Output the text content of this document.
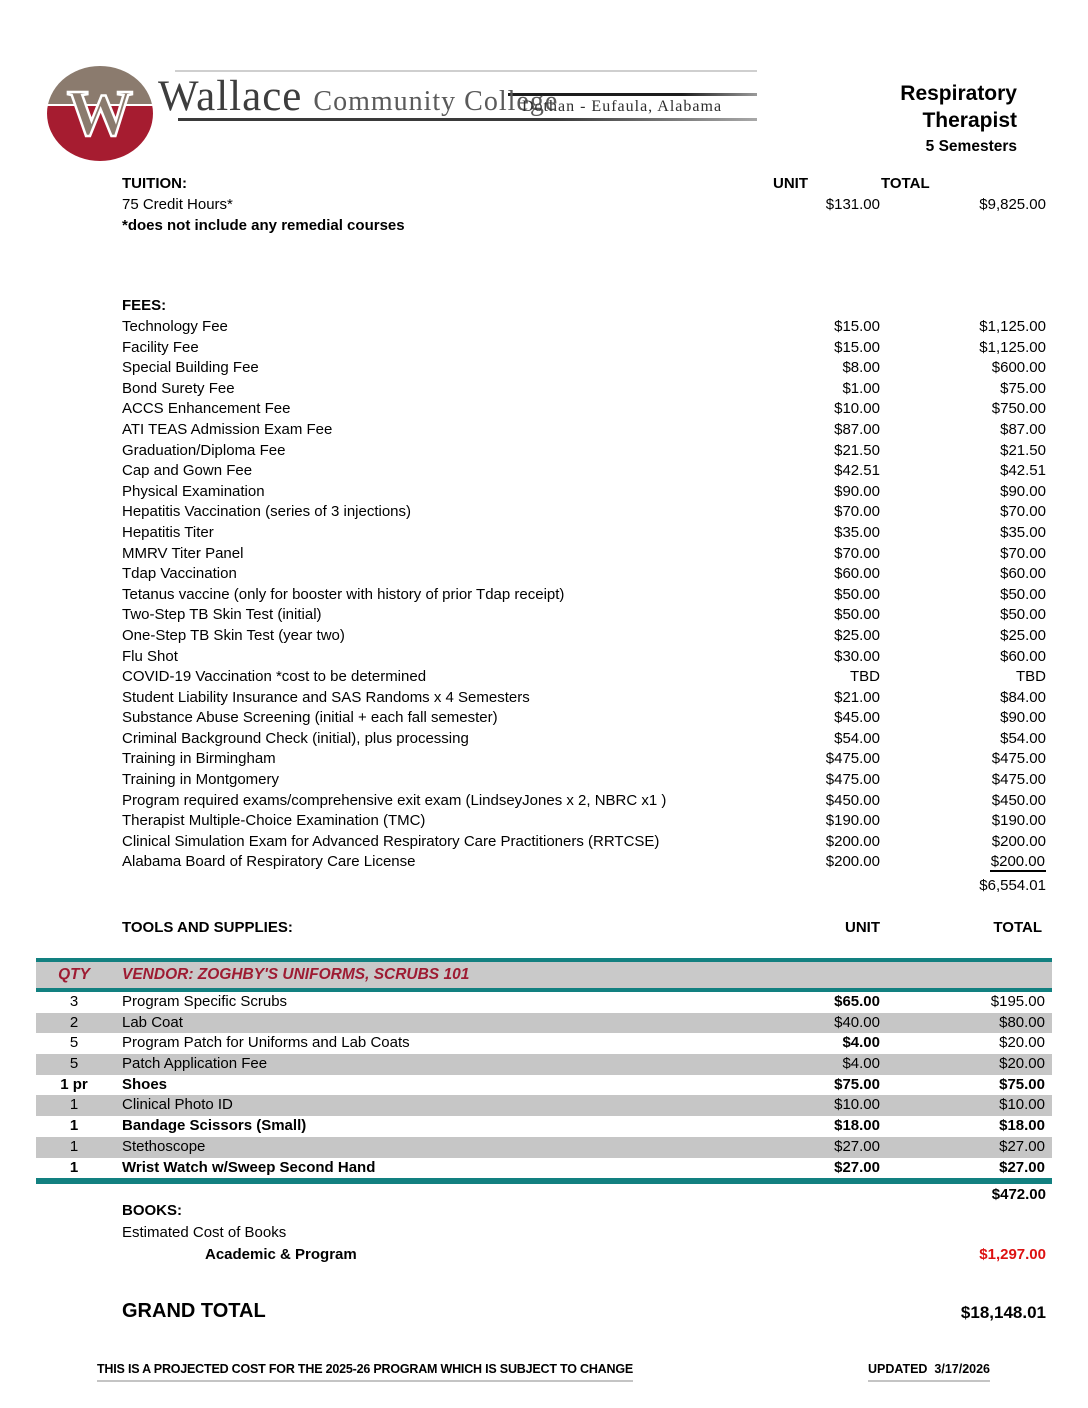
W Wallace Community College
Dothan - Eufaula, Alabama
Respiratory
Therapist
5 Semesters
TUITION:	UNIT	TOTAL
75 Credit Hours*	$131.00	$9,825.00
*does not include any remedial courses
FEES:
Technology Fee	$15.00	$1,125.00
Facility Fee	$15.00	$1,125.00
Special Building Fee	$8.00	$600.00
Bond Surety Fee	$1.00	$75.00
ACCS Enhancement Fee	$10.00	$750.00
ATI TEAS Admission Exam Fee	$87.00	$87.00
Graduation/Diploma Fee	$21.50	$21.50
Cap and Gown Fee	$42.51	$42.51
Physical Examination	$90.00	$90.00
Hepatitis Vaccination (series of 3 injections)	$70.00	$70.00
Hepatitis Titer	$35.00	$35.00
MMRV Titer Panel	$70.00	$70.00
Tdap Vaccination	$60.00	$60.00
Tetanus vaccine (only for booster with history of prior Tdap receipt)	$50.00	$50.00
Two-Step TB Skin Test (initial)	$50.00	$50.00
One-Step TB Skin Test (year two)	$25.00	$25.00
Flu Shot	$30.00	$60.00
COVID-19 Vaccination *cost to be determined	TBD	TBD
Student Liability Insurance and SAS Randoms x 4 Semesters	$21.00	$84.00
Substance Abuse Screening (initial + each fall semester)	$45.00	$90.00
Criminal Background Check (initial), plus processing	$54.00	$54.00
Training in Birmingham	$475.00	$475.00
Training in Montgomery	$475.00	$475.00
Program required exams/comprehensive exit exam (LindseyJones x 2, NBRC x1 )	$450.00	$450.00
Therapist Multiple-Choice Examination (TMC)	$190.00	$190.00
Clinical Simulation Exam for Advanced Respiratory Care Practitioners (RRTCSE)	$200.00	$200.00
Alabama Board of Respiratory Care License	$200.00	$200.00
$6,554.01
TOOLS AND SUPPLIES:	UNIT	TOTAL
QTY	VENDOR: ZOGHBY'S UNIFORMS, SCRUBS 101
3	Program Specific Scrubs	$65.00	$195.00
2	Lab Coat	$40.00	$80.00
5	Program Patch for Uniforms and Lab Coats	$4.00	$20.00
5	Patch Application Fee	$4.00	$20.00
1 pr	Shoes	$75.00	$75.00
1	Clinical Photo ID	$10.00	$10.00
1	Bandage Scissors (Small)	$18.00	$18.00
1	Stethoscope	$27.00	$27.00
1	Wrist Watch w/Sweep Second Hand	$27.00	$27.00
$472.00
BOOKS:
Estimated Cost of Books
Academic & Program	$1,297.00
GRAND TOTAL	$18,148.01
THIS IS A PROJECTED COST FOR THE 2025-26 PROGRAM WHICH IS SUBJECT TO CHANGE	UPDATED  3/17/2026
